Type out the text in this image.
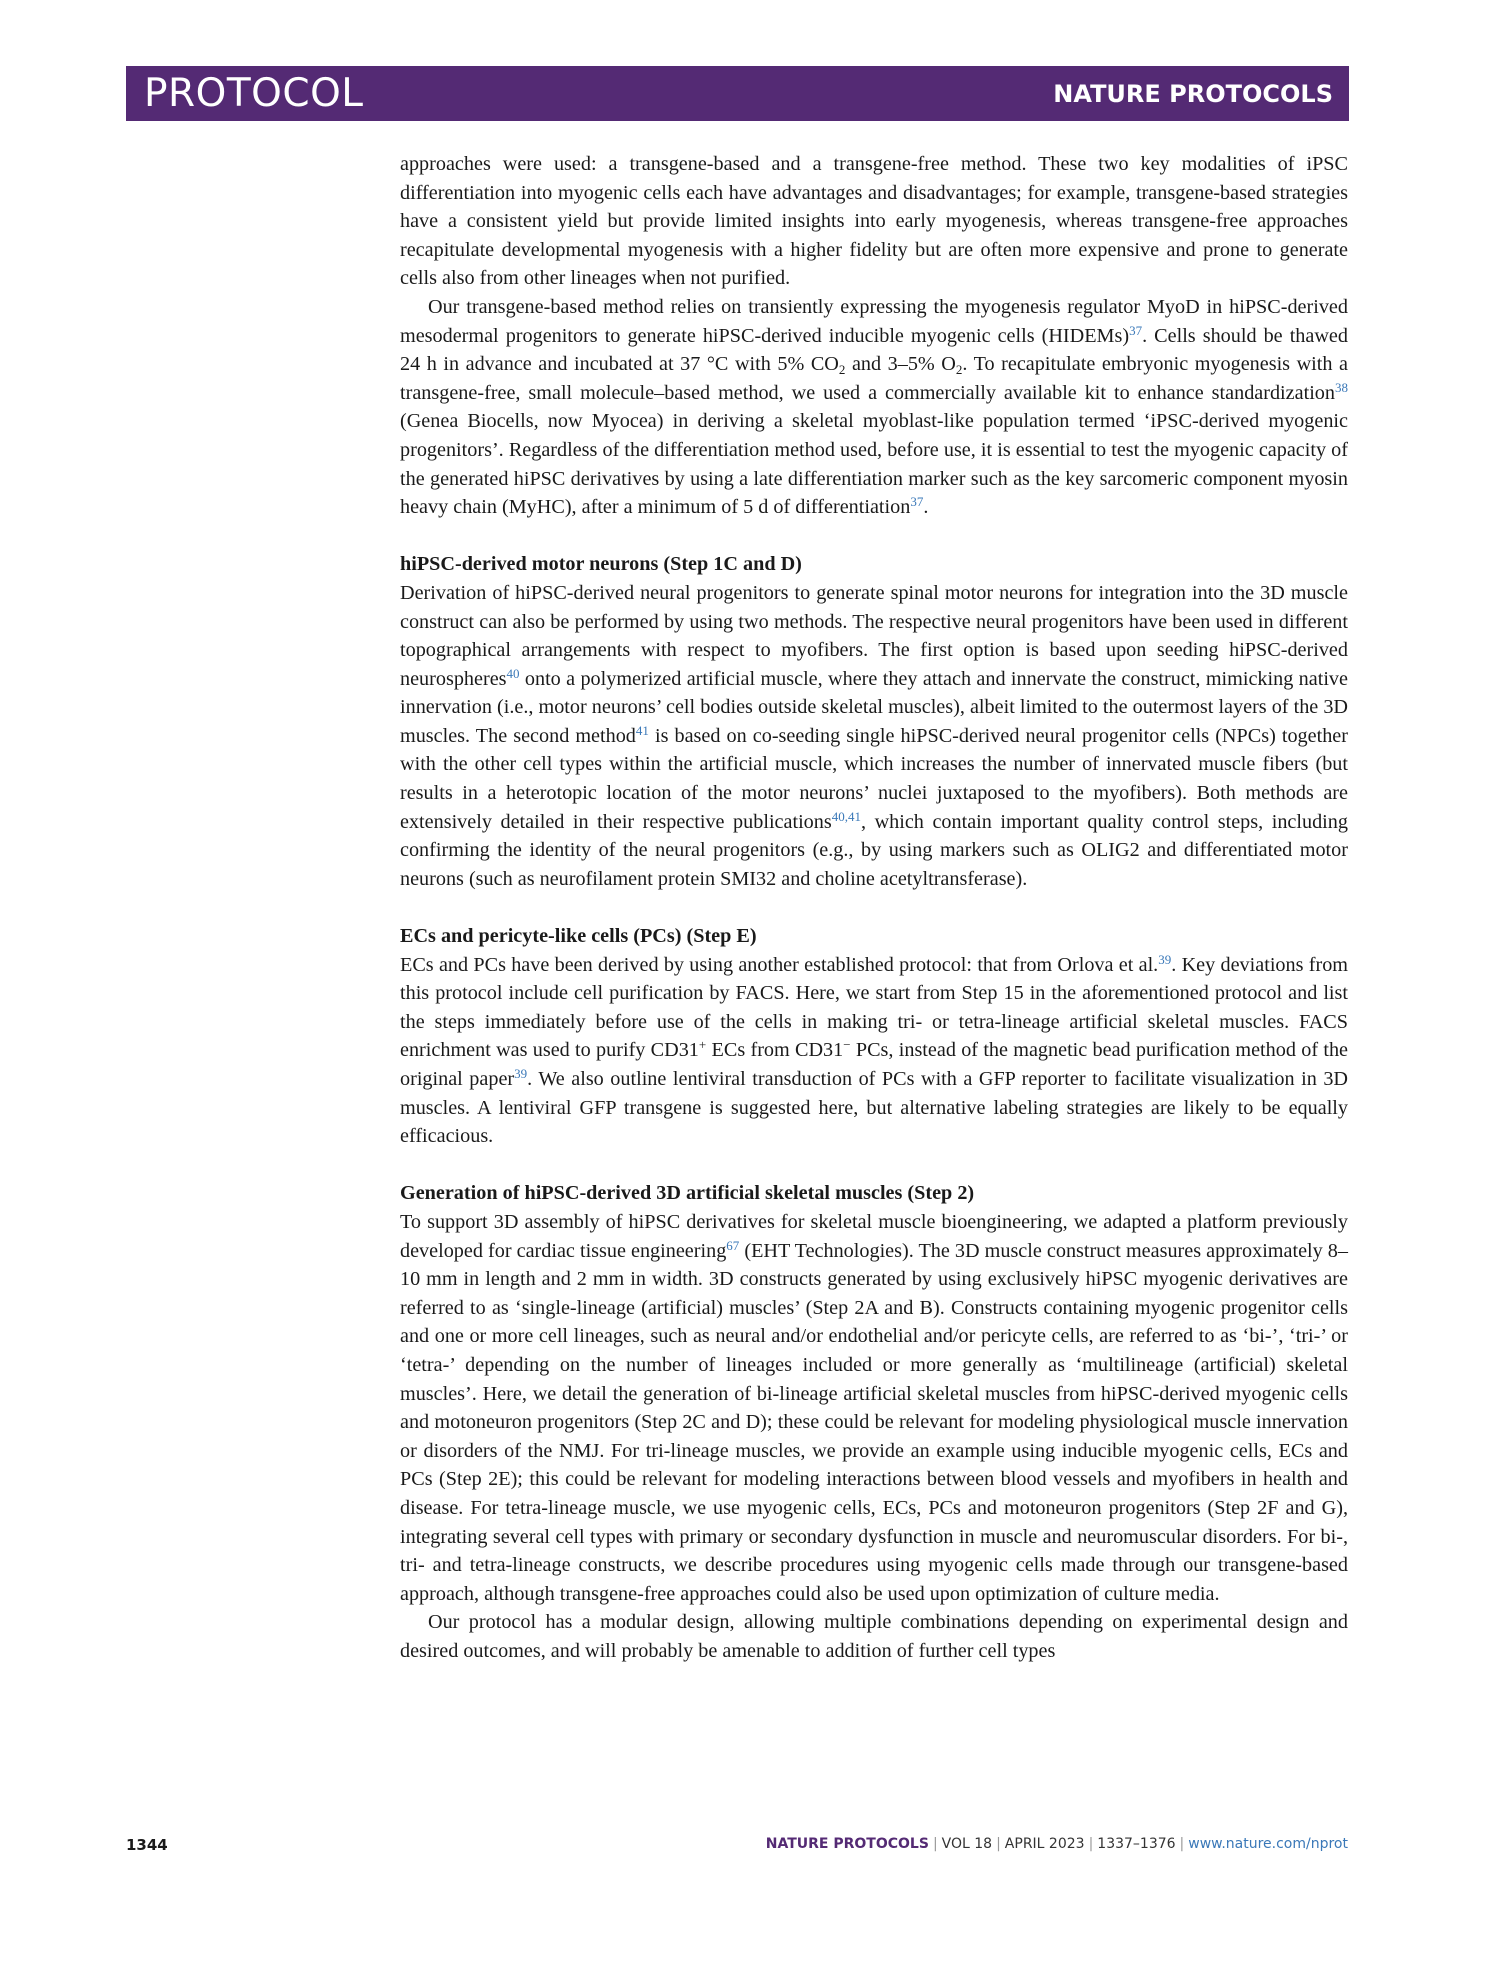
PROTOCOL	NATURE PROTOCOLS

approaches were used: a transgene-based and a transgene-free method. These two key modalities of iPSC differentiation into myogenic cells each have advantages and disadvantages; for example, transgene-based strategies have a consistent yield but provide limited insights into early myogenesis, whereas transgene-free approaches recapitulate developmental myogenesis with a higher fidelity but are often more expensive and prone to generate cells also from other lineages when not purified.

Our transgene-based method relies on transiently expressing the myogenesis regulator MyoD in hiPSC-derived mesodermal progenitors to generate hiPSC-derived inducible myogenic cells (HIDEMs)$^{37}$. Cells should be thawed 24 h in advance and incubated at 37 °C with 5% $CO_2$ and 3–5% $O_2$. To recapitulate embryonic myogenesis with a transgene-free, small molecule–based method, we used a commercially available kit to enhance standardization$^{38}$ (Genea Biocells, now Myocea) in deriving a skeletal myoblast-like population termed ‘iPSC-derived myogenic progenitors’. Regardless of the differentiation method used, before use, it is essential to test the myogenic capacity of the generated hiPSC derivatives by using a late differentiation marker such as the key sarcomeric component myosin heavy chain (MyHC), after a minimum of 5 d of differentiation$^{37}$.

hiPSC-derived motor neurons (Step 1C and D)

Derivation of hiPSC-derived neural progenitors to generate spinal motor neurons for integration into the 3D muscle construct can also be performed by using two methods. The respective neural progenitors have been used in different topographical arrangements with respect to myofibers. The first option is based upon seeding hiPSC-derived neurospheres$^{40}$ onto a polymerized artificial muscle, where they attach and innervate the construct, mimicking native innervation (i.e., motor neurons’ cell bodies outside skeletal muscles), albeit limited to the outermost layers of the 3D muscles. The second method$^{41}$ is based on co-seeding single hiPSC-derived neural progenitor cells (NPCs) together with the other cell types within the artificial muscle, which increases the number of innervated muscle fibers (but results in a heterotopic location of the motor neurons’ nuclei juxtaposed to the myofibers). Both methods are extensively detailed in their respective publications$^{40,41}$, which contain important quality control steps, including confirming the identity of the neural progenitors (e.g., by using markers such as OLIG2 and differentiated motor neurons (such as neurofilament protein SMI32 and choline acetyltransferase).

ECs and pericyte-like cells (PCs) (Step E)

ECs and PCs have been derived by using another established protocol: that from Orlova et al.$^{39}$. Key deviations from this protocol include cell purification by FACS. Here, we start from Step 15 in the aforementioned protocol and list the steps immediately before use of the cells in making tri- or tetra-lineage artificial skeletal muscles. FACS enrichment was used to purify CD31+ ECs from CD31− PCs, instead of the magnetic bead purification method of the original paper$^{39}$. We also outline lentiviral transduction of PCs with a GFP reporter to facilitate visualization in 3D muscles. A lentiviral GFP transgene is suggested here, but alternative labeling strategies are likely to be equally efficacious.

Generation of hiPSC-derived 3D artificial skeletal muscles (Step 2)

To support 3D assembly of hiPSC derivatives for skeletal muscle bioengineering, we adapted a platform previously developed for cardiac tissue engineering$^{67}$ (EHT Technologies). The 3D muscle construct measures approximately 8–10 mm in length and 2 mm in width. 3D constructs generated by using exclusively hiPSC myogenic derivatives are referred to as ‘single-lineage (artificial) muscles’ (Step 2A and B). Constructs containing myogenic progenitor cells and one or more cell lineages, such as neural and/or endothelial and/or pericyte cells, are referred to as ‘bi-’, ‘tri-’ or ‘tetra-’ depending on the number of lineages included or more generally as ‘multilineage (artificial) skeletal muscles’. Here, we detail the generation of bi-lineage artificial skeletal muscles from hiPSC-derived myogenic cells and motoneuron progenitors (Step 2C and D); these could be relevant for modeling physiological muscle innervation or disorders of the NMJ. For tri-lineage muscles, we provide an example using inducible myogenic cells, ECs and PCs (Step 2E); this could be relevant for modeling interactions between blood vessels and myofibers in health and disease. For tetra-lineage muscle, we use myogenic cells, ECs, PCs and motoneuron progenitors (Step 2F and G), integrating several cell types with primary or secondary dysfunction in muscle and neuromuscular disorders. For bi-, tri- and tetra-lineage constructs, we describe procedures using myogenic cells made through our transgene-based approach, although transgene-free approaches could also be used upon optimization of culture media.

Our protocol has a modular design, allowing multiple combinations depending on experimental design and desired outcomes, and will probably be amenable to addition of further cell types

1344	NATURE PROTOCOLS | VOL 18 | APRIL 2023 | 1337–1376 | www.nature.com/nprot
